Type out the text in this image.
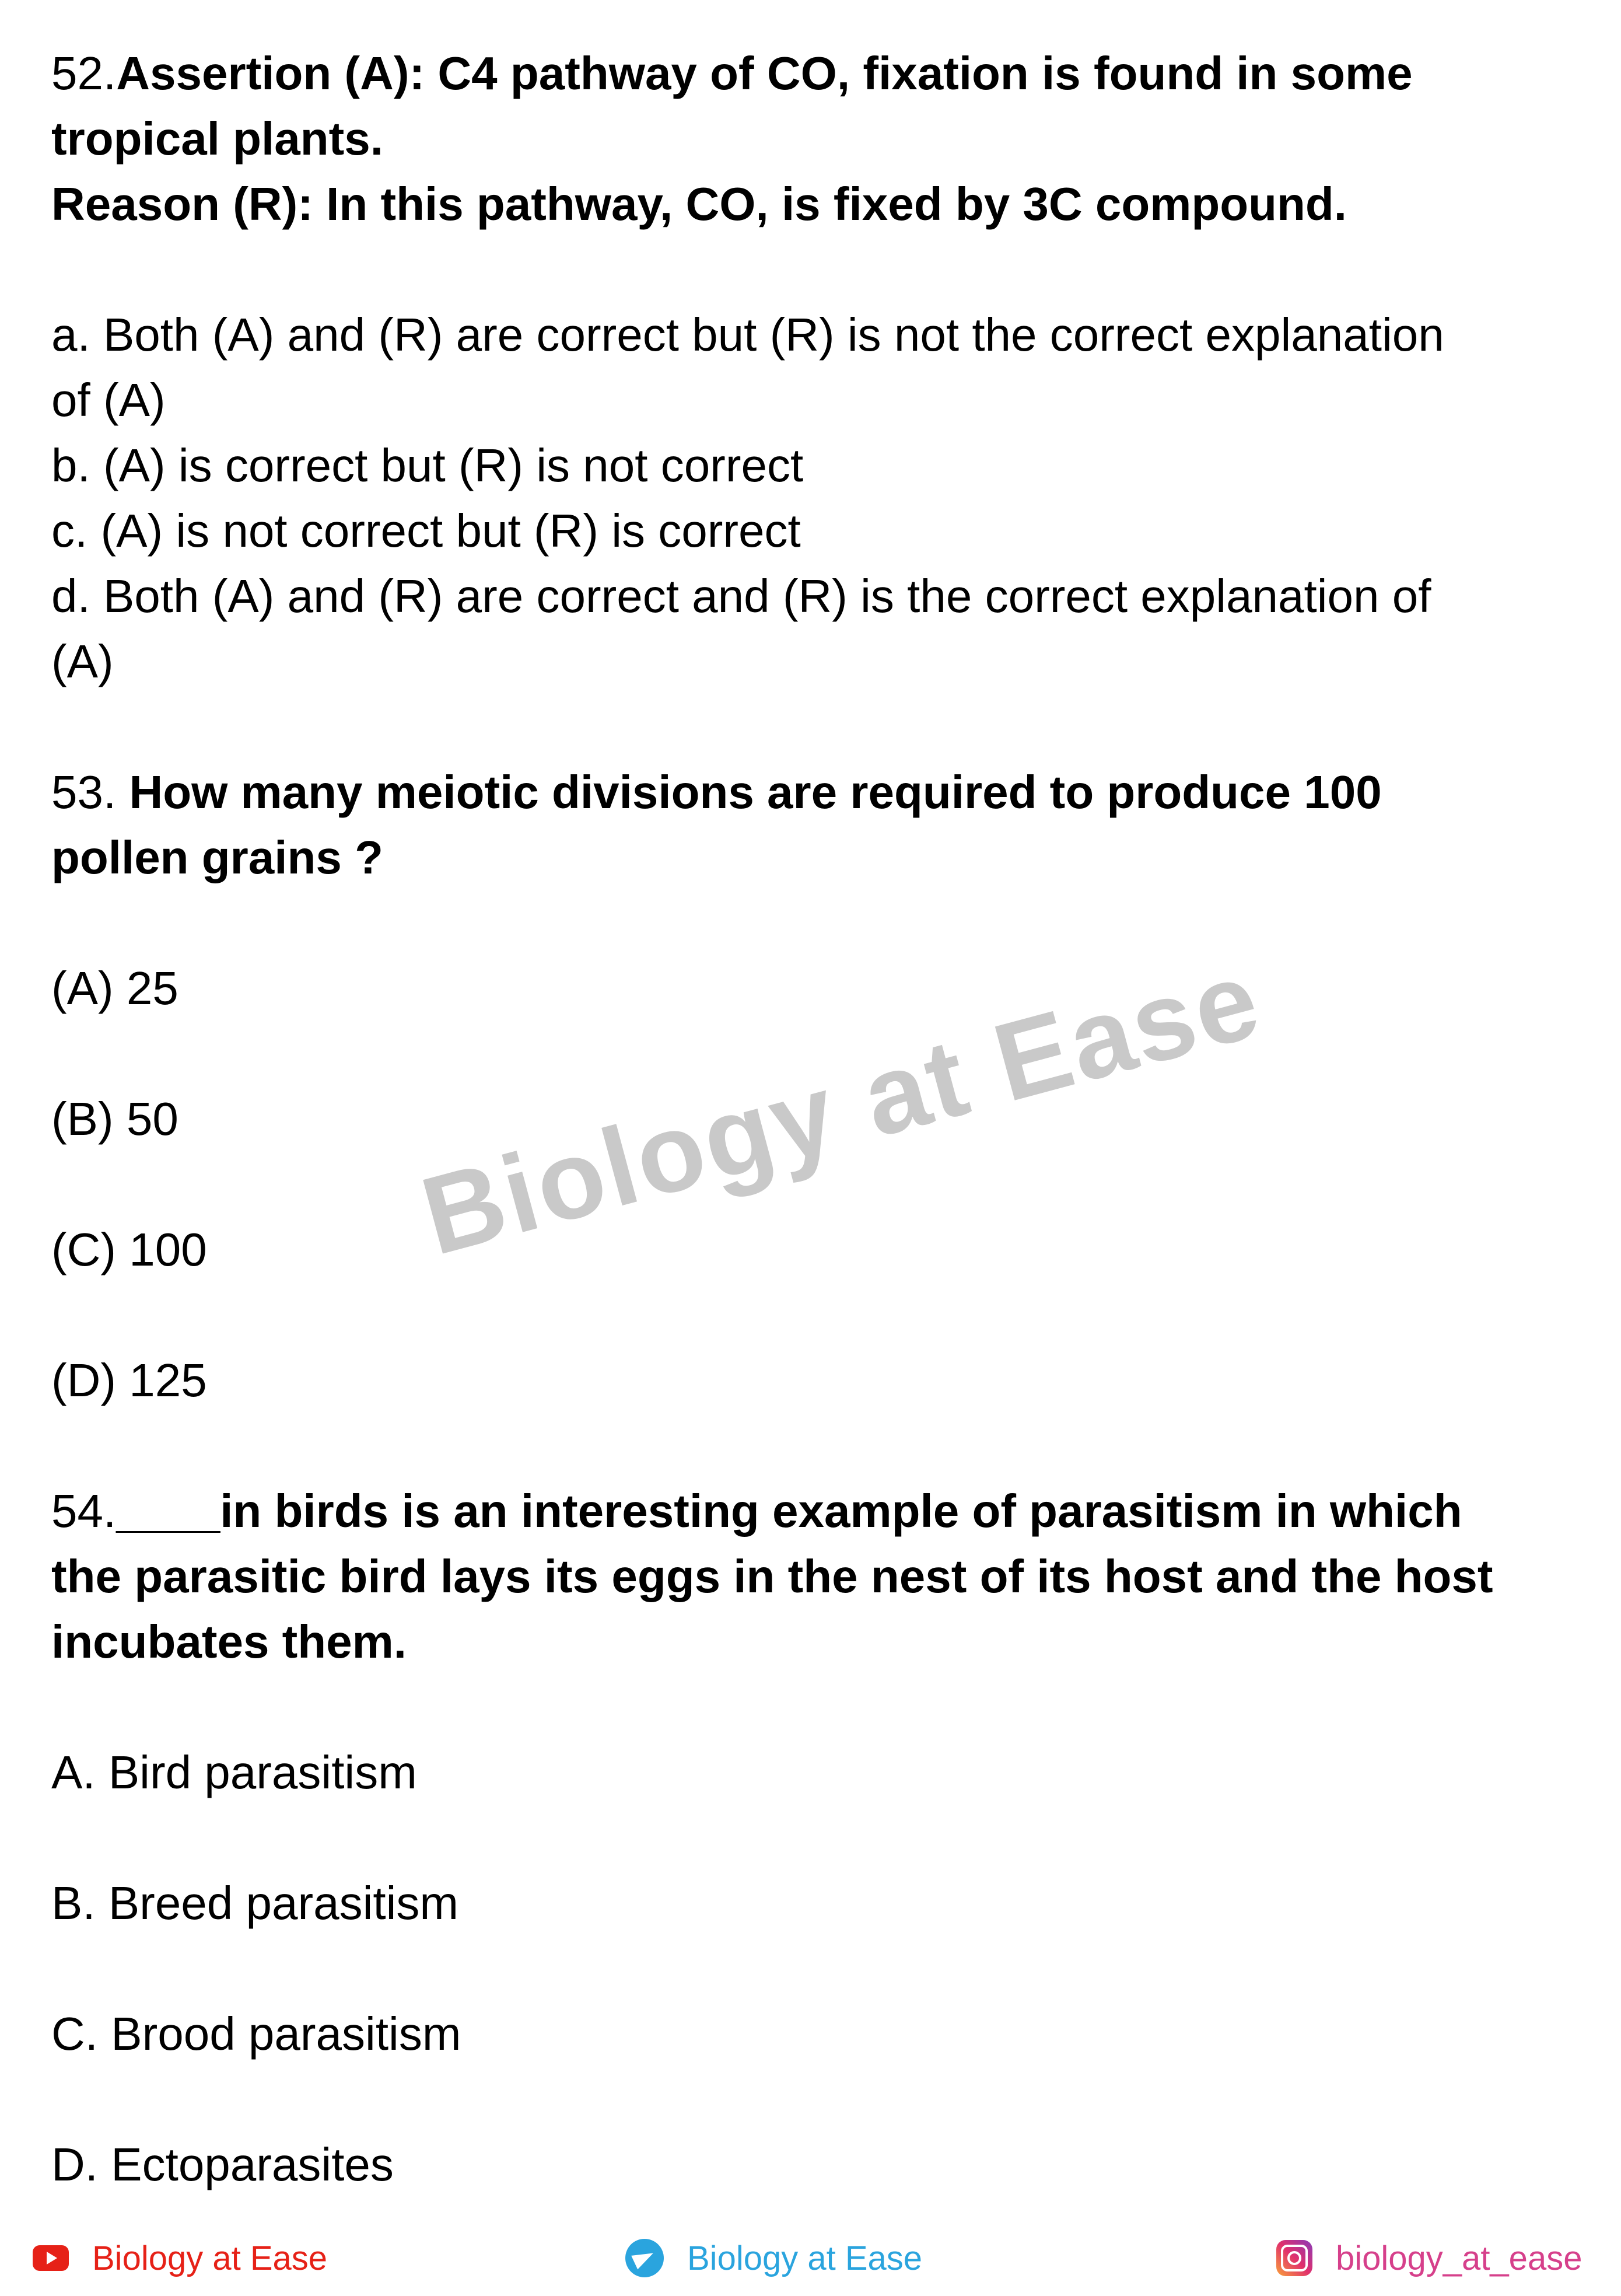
52.Assertion (A): C4 pathway of CO, fixation is found in some
tropical plants.
Reason (R): In this pathway, CO, is fixed by 3C compound.
a. Both (A) and (R) are correct but (R) is not the correct explanation
of (A)
b. (A) is correct but (R) is not correct
c. (A) is not correct but (R) is correct
d. Both (A) and (R) are correct and (R) is the correct explanation of
(A)
53. How many meiotic divisions are required to produce 100
pollen grains ?
(A) 25
(B) 50
(C) 100
(D) 125
Biology at Ease
54.____in birds is an interesting example of parasitism in which
the parasitic bird lays its eggs in the nest of its host and the host
incubates them.
A. Bird parasitism
B. Breed parasitism
C. Brood parasitism
D. Ectoparasites
Biology at Ease	Biology at Ease	biology_at_ease
